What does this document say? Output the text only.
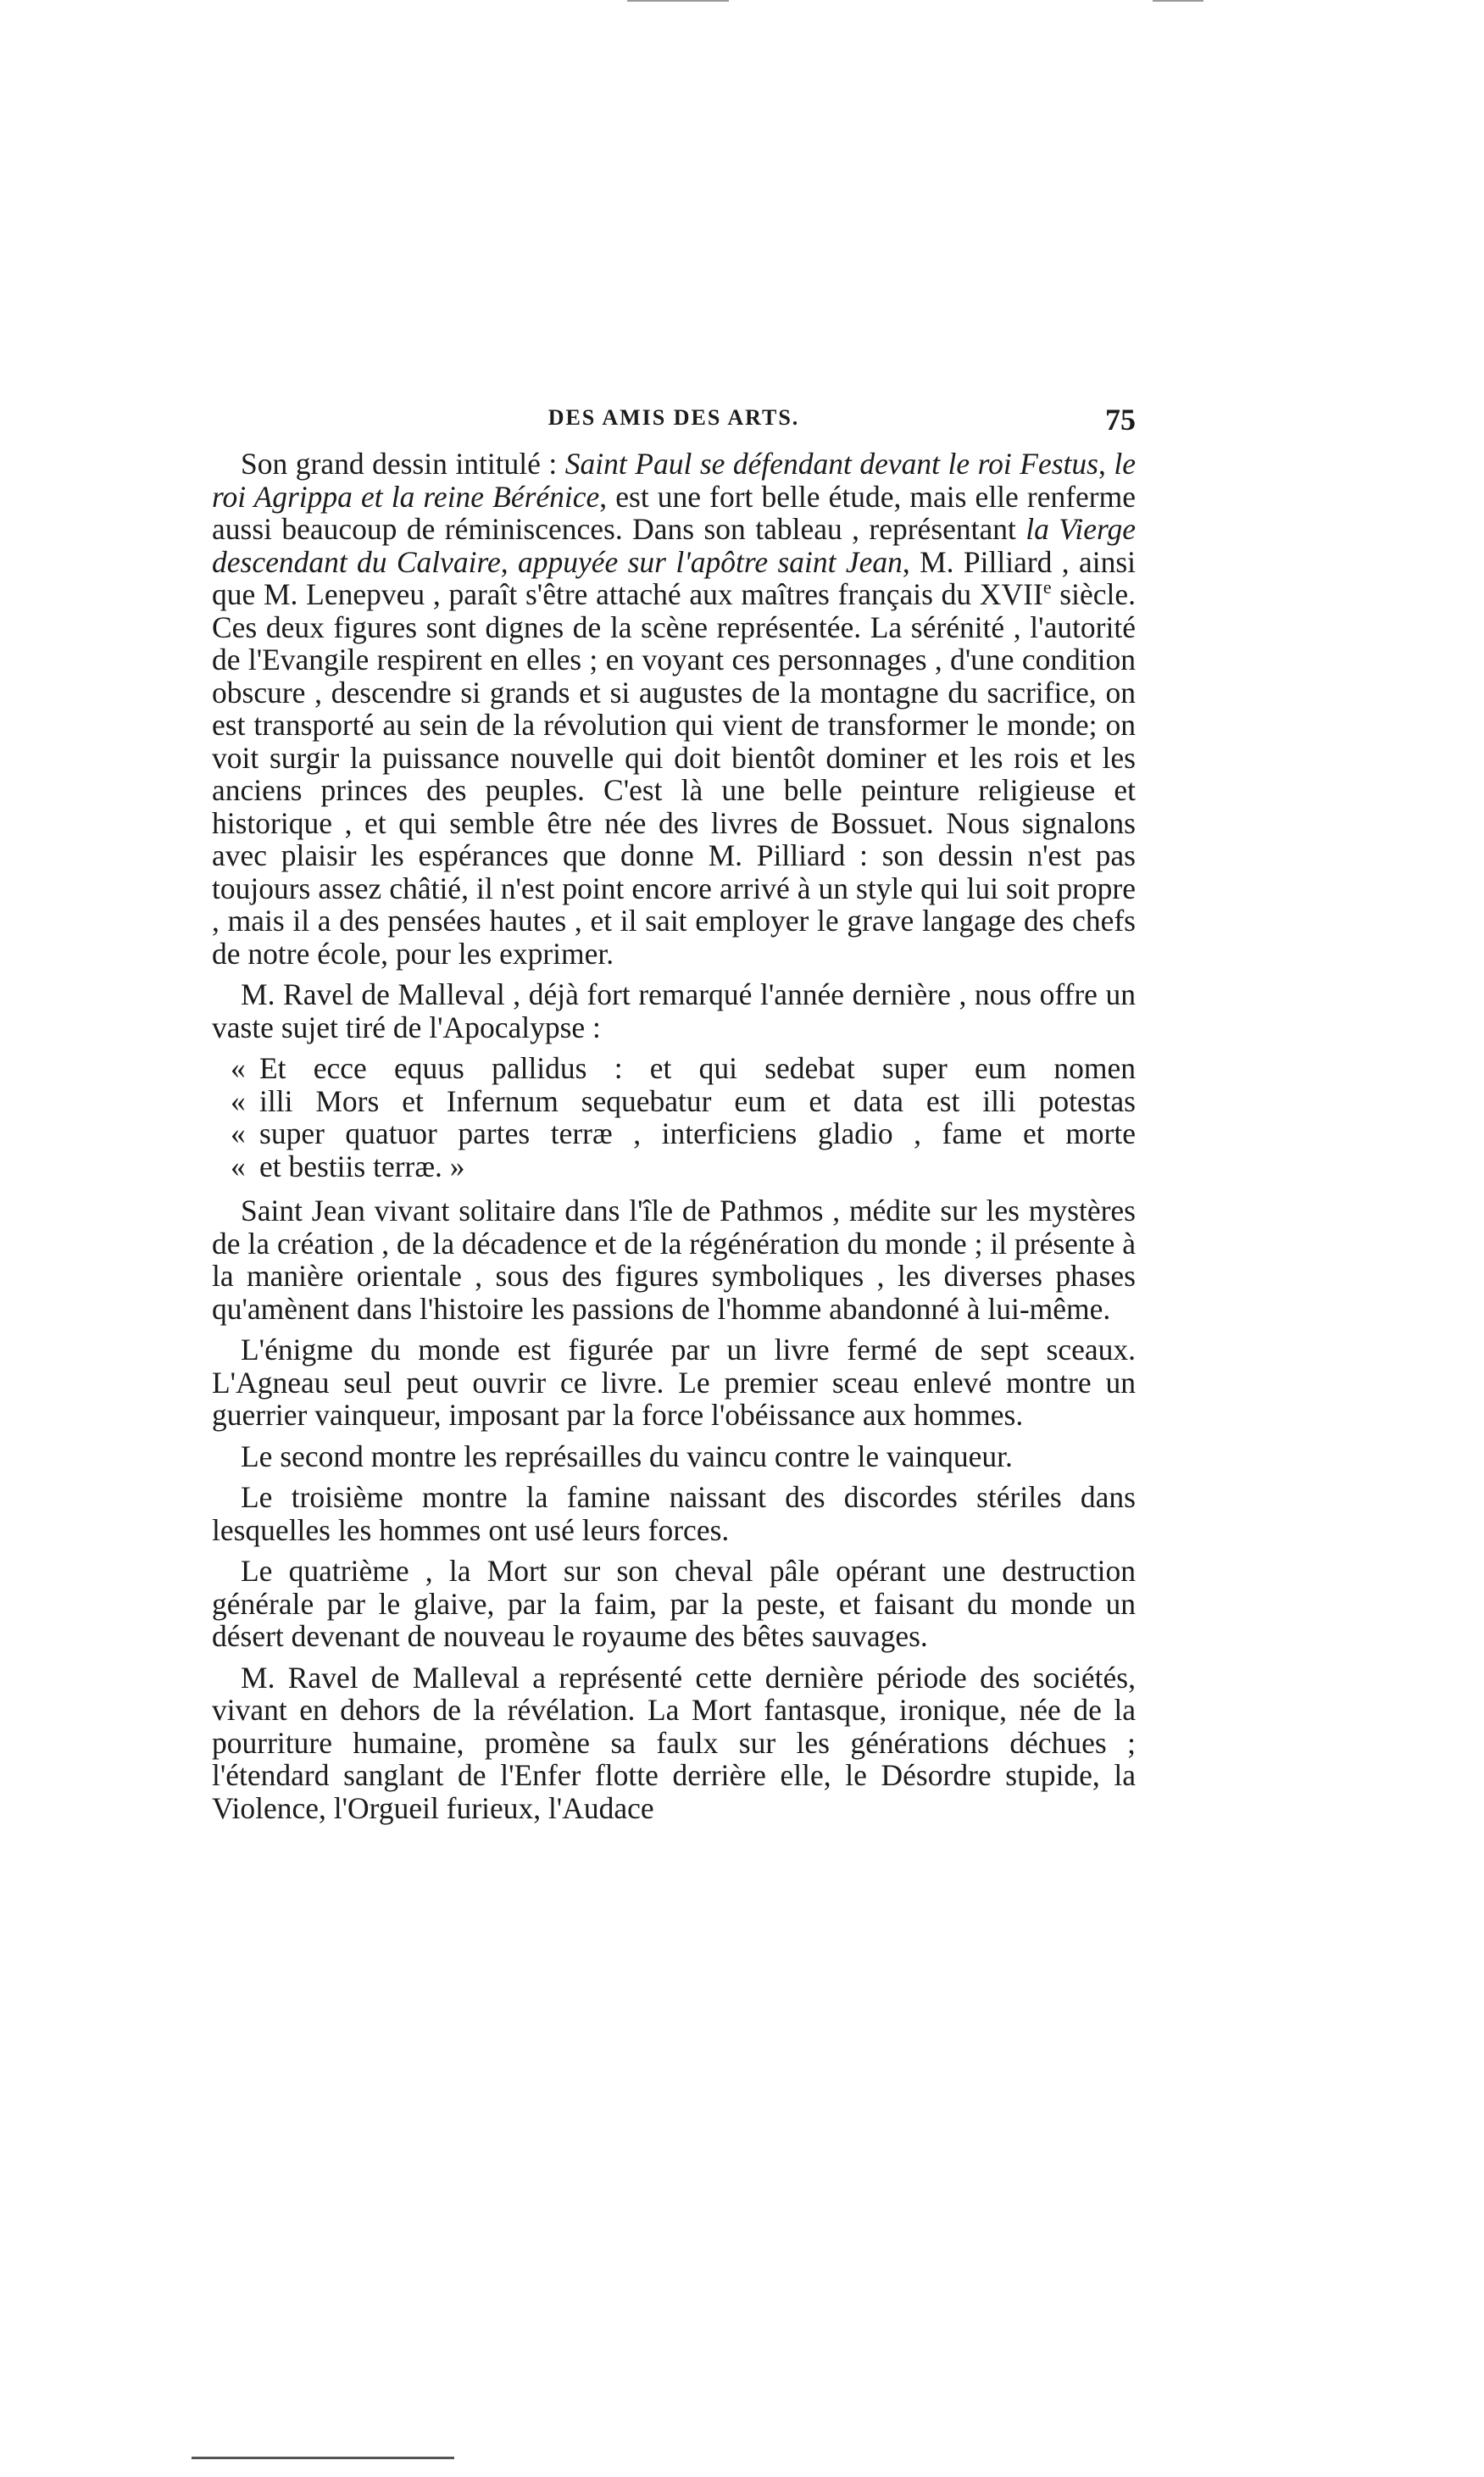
DES AMIS DES ARTS.	75

Son grand dessin intitulé : Saint Paul se défendant devant le roi Festus, le roi Agrippa et la reine Bérénice, est une fort belle étude, mais elle renferme aussi beaucoup de réminiscences. Dans son tableau , représentant la Vierge descendant du Calvaire, appuyée sur l'apôtre saint Jean, M. Pilliard , ainsi que M. Lenepveu , paraît s'être attaché aux maîtres français du XVIIe siècle. Ces deux figures sont dignes de la scène représentée. La sérénité , l'autorité de l'Evangile respirent en elles ; en voyant ces personnages , d'une condition obscure , descendre si grands et si augustes de la montagne du sacrifice, on est transporté au sein de la révolution qui vient de transformer le monde; on voit surgir la puissance nouvelle qui doit bientôt dominer et les rois et les anciens princes des peuples. C'est là une belle peinture religieuse et historique , et qui semble être née des livres de Bossuet. Nous signalons avec plaisir les espérances que donne M. Pilliard : son dessin n'est pas toujours assez châtié, il n'est point encore arrivé à un style qui lui soit propre , mais il a des pensées hautes , et il sait employer le grave langage des chefs de notre école, pour les exprimer.

M. Ravel de Malleval , déjà fort remarqué l'année dernière , nous offre un vaste sujet tiré de l'Apocalypse :

« Et ecce equus pallidus : et qui sedebat super eum nomen
« illi Mors et Infernum sequebatur eum et data est illi potestas
« super quatuor partes terræ , interficiens gladio , fame et morte
« et bestiis terræ. »

Saint Jean vivant solitaire dans l'île de Pathmos , médite sur les mystères de la création , de la décadence et de la régénération du monde ; il présente à la manière orientale , sous des figures symboliques , les diverses phases qu'amènent dans l'histoire les passions de l'homme abandonné à lui-même.

L'énigme du monde est figurée par un livre fermé de sept sceaux. L'Agneau seul peut ouvrir ce livre. Le premier sceau enlevé montre un guerrier vainqueur, imposant par la force l'obéissance aux hommes.

Le second montre les représailles du vaincu contre le vainqueur.

Le troisième montre la famine naissant des discordes stériles dans lesquelles les hommes ont usé leurs forces.

Le quatrième , la Mort sur son cheval pâle opérant une destruction générale par le glaive, par la faim, par la peste, et faisant du monde un désert devenant de nouveau le royaume des bêtes sauvages.

M. Ravel de Malleval a représenté cette dernière période des sociétés, vivant en dehors de la révélation. La Mort fantasque, ironique, née de la pourriture humaine, promène sa faulx sur les générations déchues ; l'étendard sanglant de l'Enfer flotte derrière elle, le Désordre stupide, la Violence, l'Orgueil furieux, l'Audace
